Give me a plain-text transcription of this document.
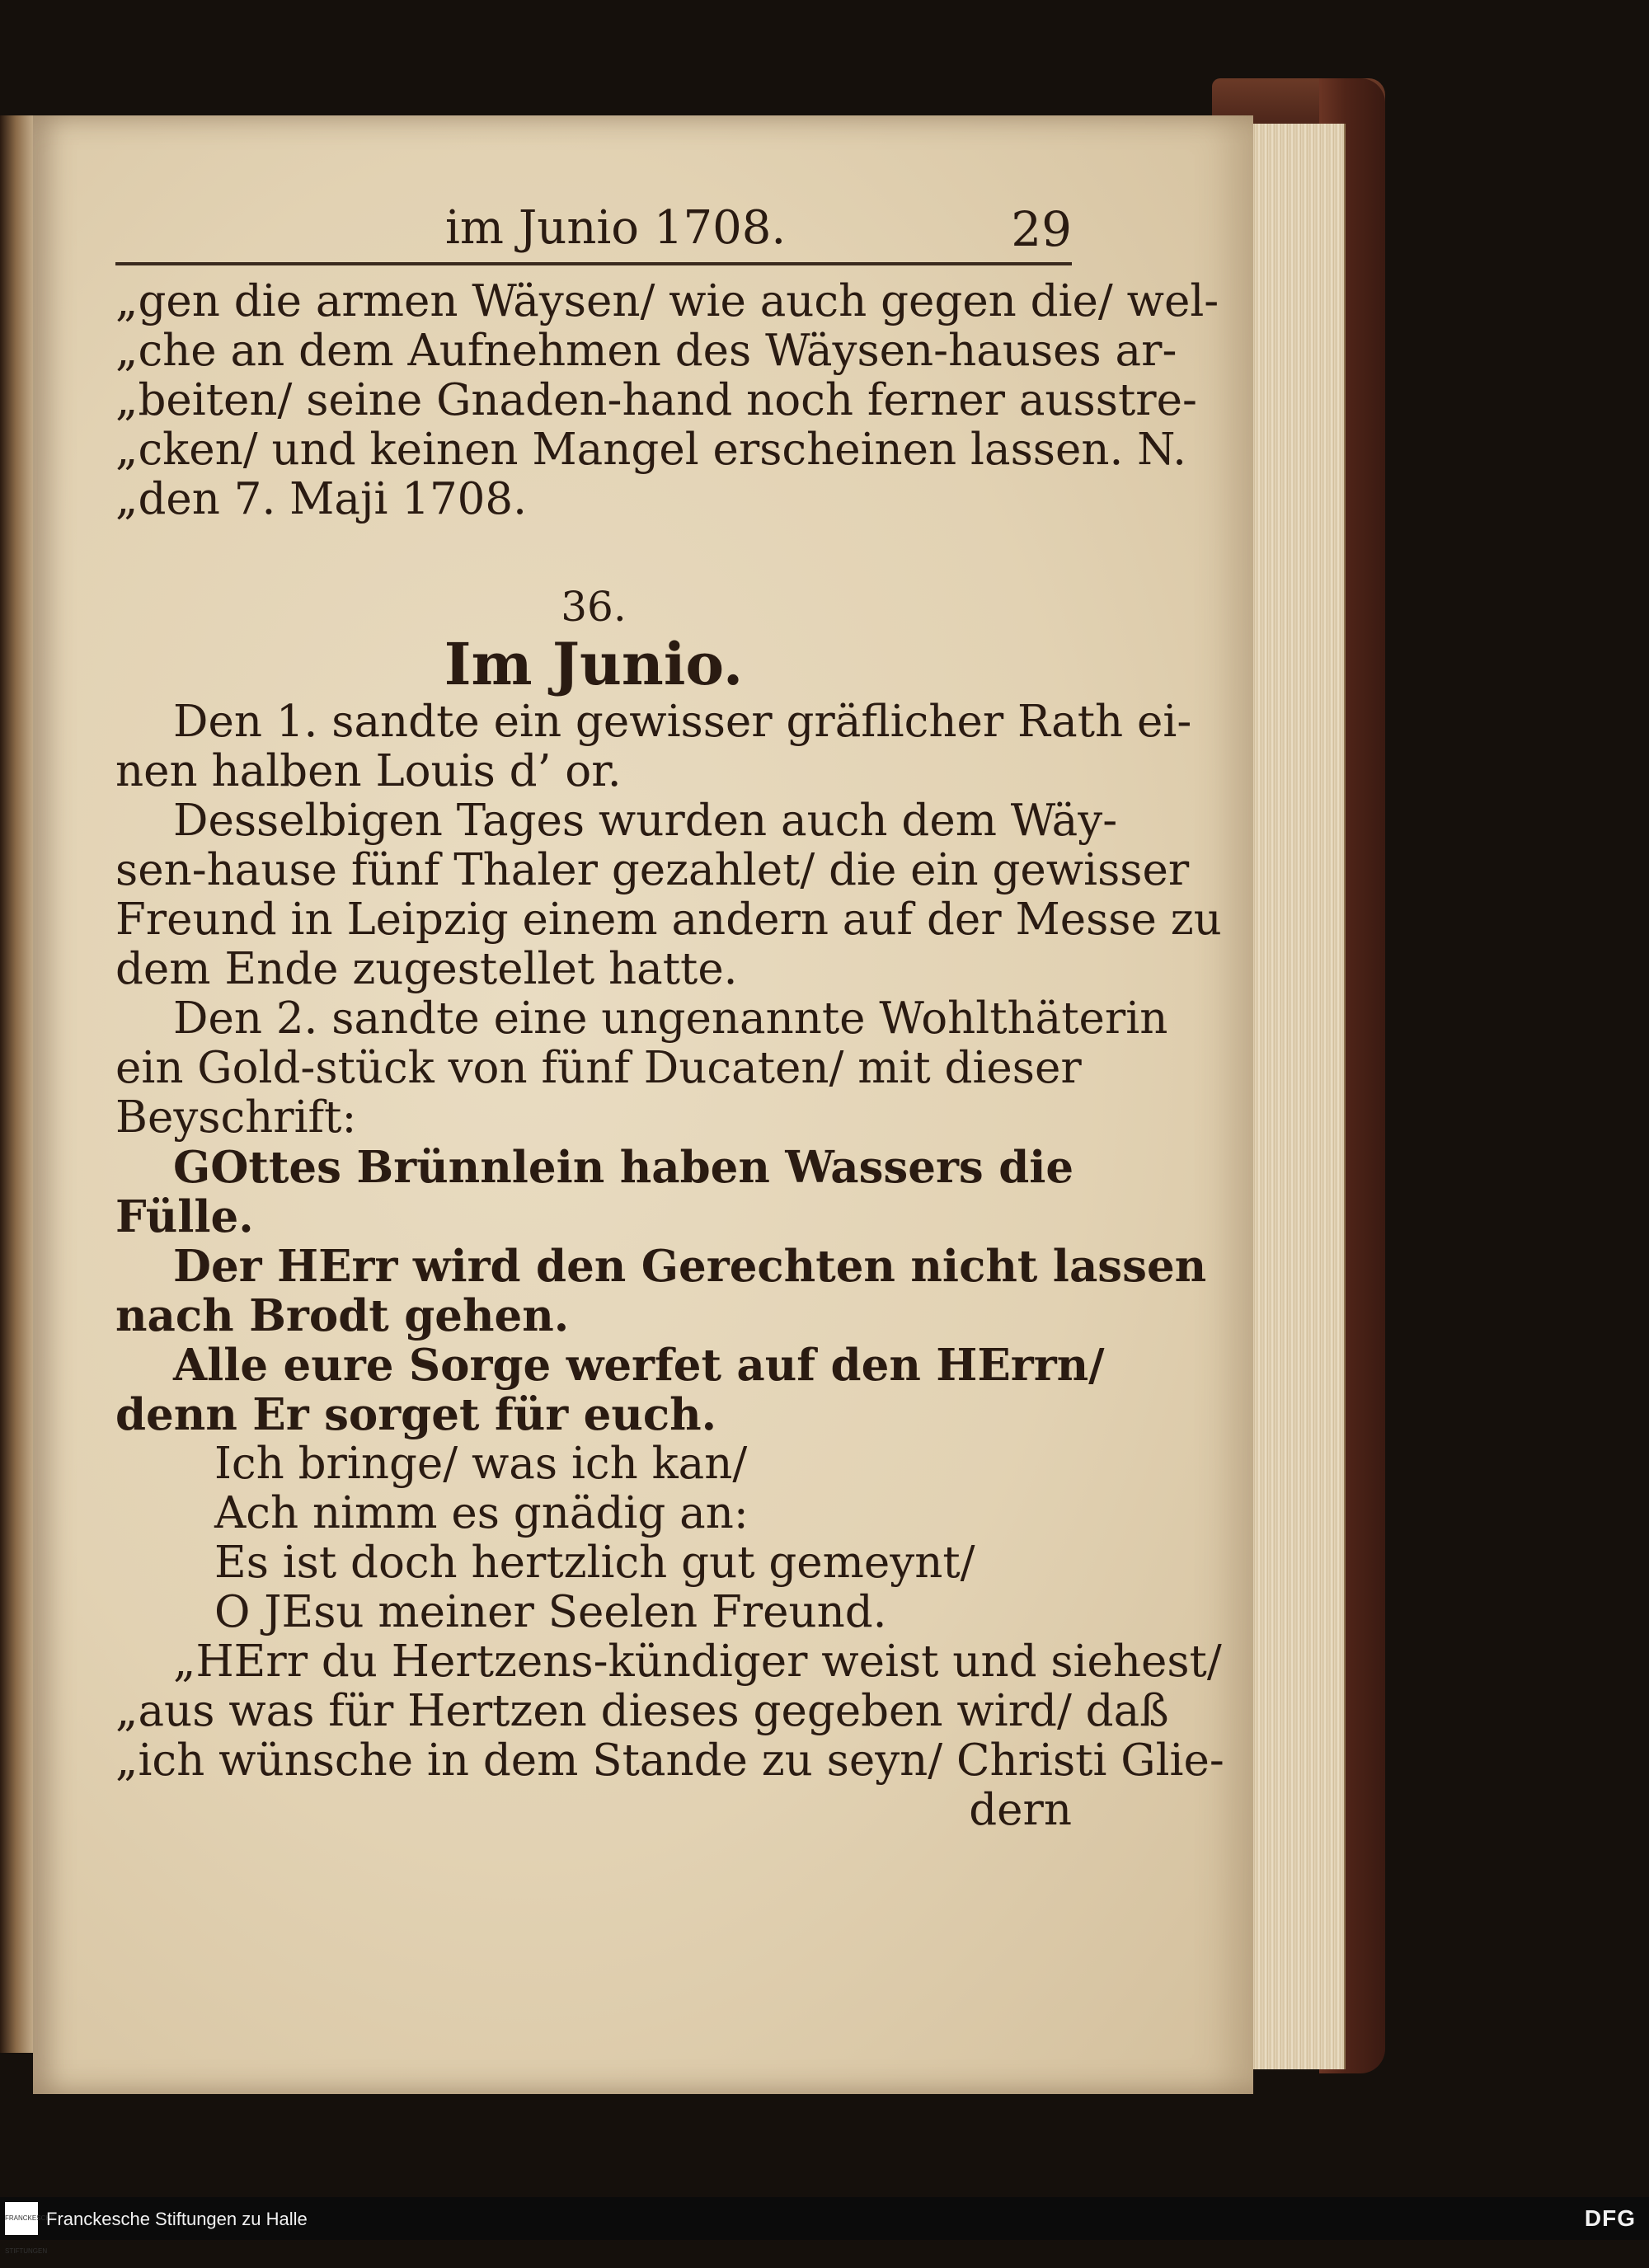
im Junio 1708.	29
„gen die armen Wäysen/ wie auch gegen die/ wel-
„che an dem Aufnehmen des Wäysen-hauses ar-
„beiten/ seine Gnaden-hand noch ferner ausstre-
„cken/ und keinen Mangel erscheinen lassen. N.
„den 7. Maji 1708.
36.
Im Junio.
Den 1. sandte ein gewisser gräflicher Rath ei-
nen halben Louis d’ or.
Desselbigen Tages wurden auch dem Wäy-
sen-hause fünf Thaler gezahlet/ die ein gewisser
Freund in Leipzig einem andern auf der Messe zu
dem Ende zugestellet hatte.
Den 2. sandte eine ungenannte Wohlthäterin
ein Gold-stück von fünf Ducaten/ mit dieser
Beyschrift:
GOttes Brünnlein haben Wassers die
Fülle.
Der HErr wird den Gerechten nicht lassen
nach Brodt gehen.
Alle eure Sorge werfet auf den HErrn/
denn Er sorget für euch.
Ich bringe/ was ich kan/
Ach nimm es gnädig an:
Es ist doch hertzlich gut gemeynt/
O JEsu meiner Seelen Freund.
„HErr du Hertzens-kündiger weist und siehest/
„aus was für Hertzen dieses gegeben wird/ daß
„ich wünsche in dem Stande zu seyn/ Christi Glie-
dern
FRANCKESCHE STIFTUNGEN
Franckesche Stiftungen zu Halle	DFG
